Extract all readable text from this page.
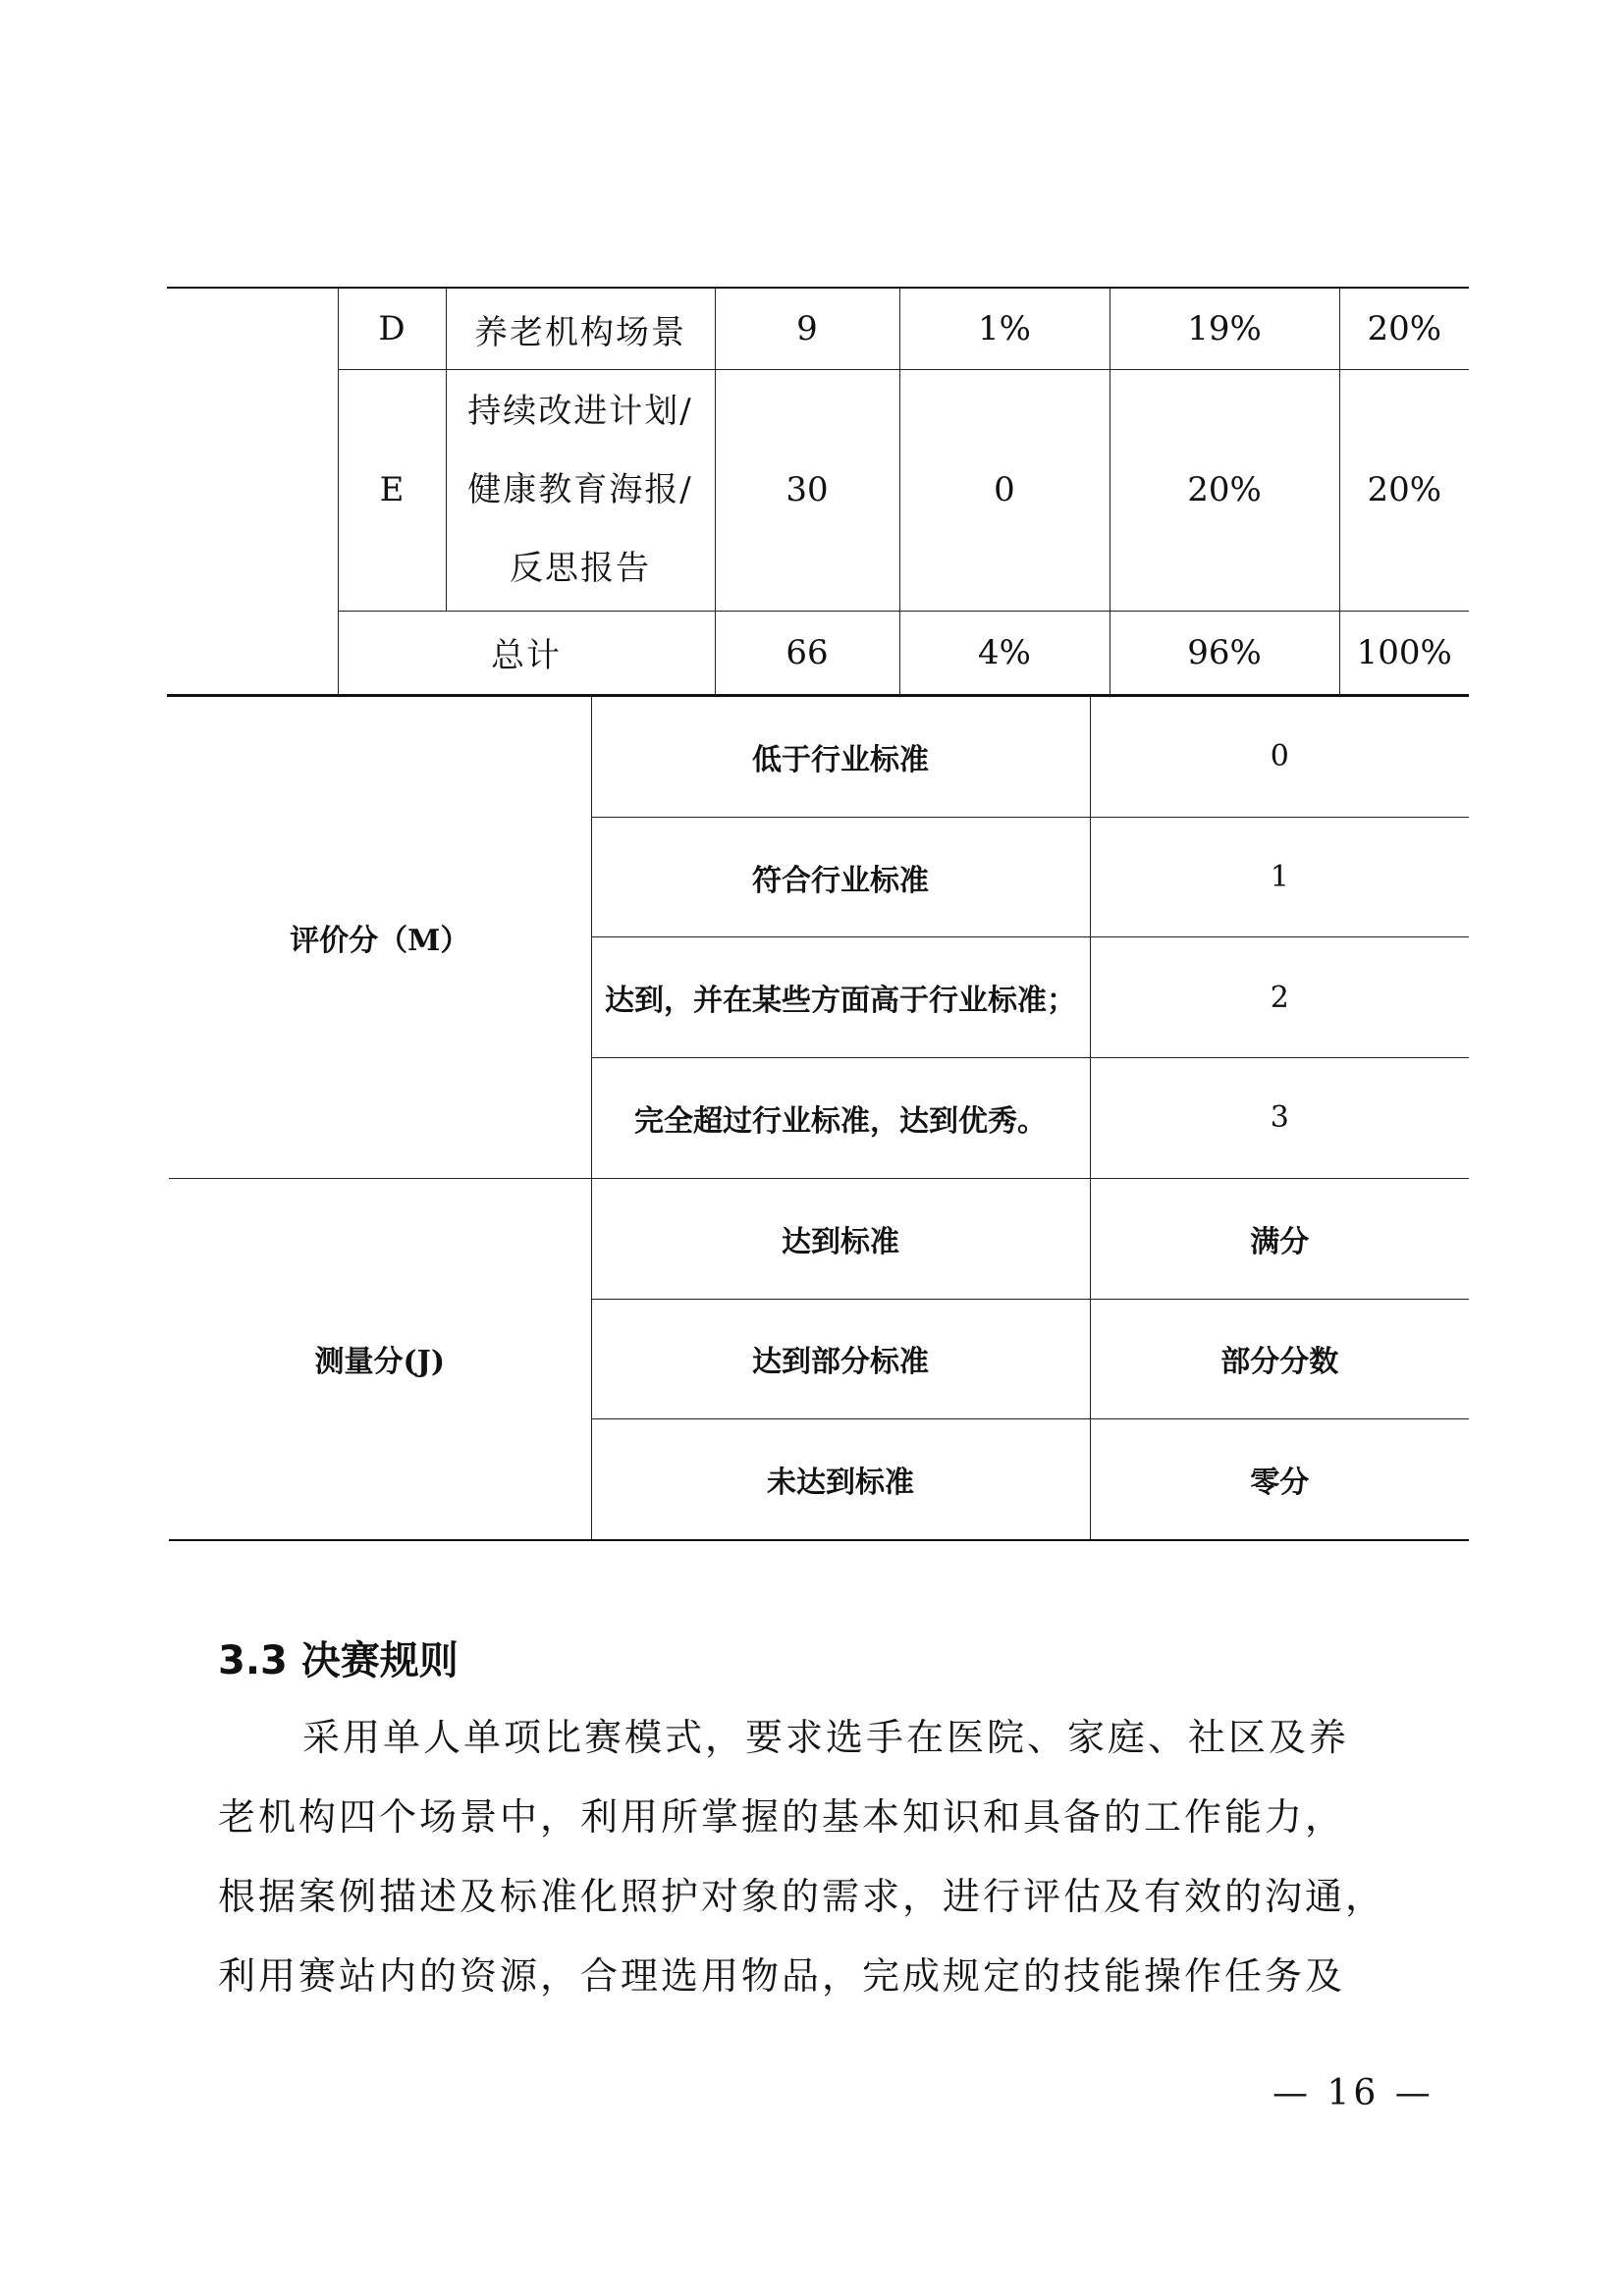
	D	养老机构场景	9	1%	19%	20%
	E	持续改进计划/
健康教育海报/
反思报告	30	0	20%	20%
	总计		66	4%	96%	100%
评价分（M）	低于行业标准	0
	符合行业标准	1
	达到，并在某些方面高于行业标准；	2
	完全超过行业标准，达到优秀。	3
测量分(J)	达到标准	满分
	达到部分标准	部分分数
	未达到标准	零分
3.3 决赛规则
采用单人单项比赛模式，要求选手在医院、家庭、社区及养
老机构四个场景中，利用所掌握的基本知识和具备的工作能力，
根据案例描述及标准化照护对象的需求，进行评估及有效的沟通，
利用赛站内的资源，合理选用物品，完成规定的技能操作任务及
— 16 —
